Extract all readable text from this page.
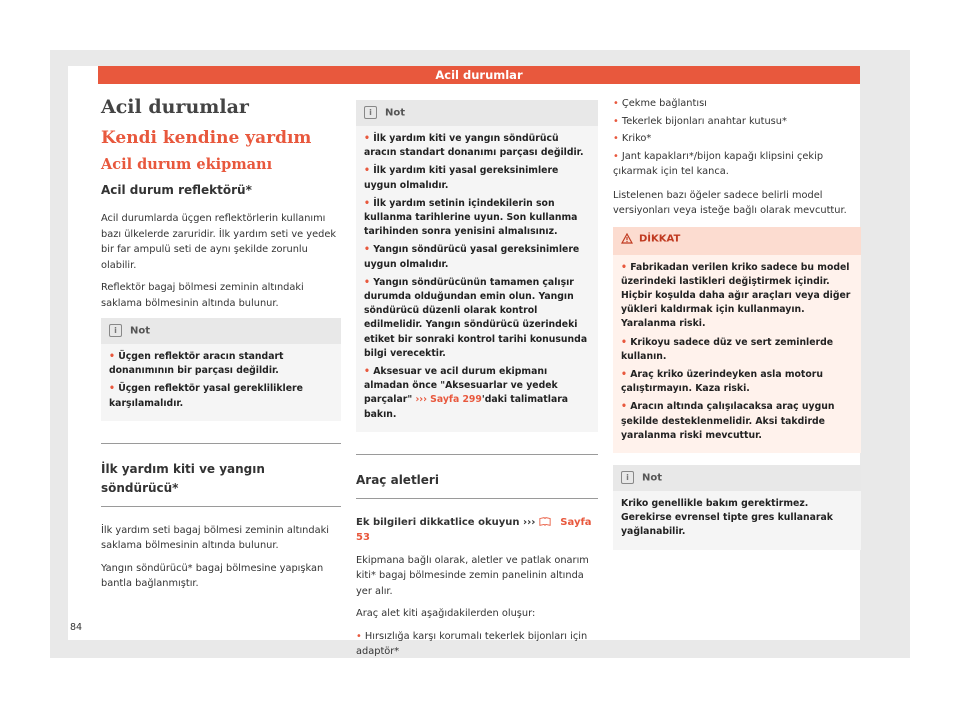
Acil durumlar
Acil durumlar
Kendi kendine yardım
Acil durum ekipmanı
Acil durum reflektörü*

Acil durumlarda üçgen reflektörlerin kullanımı bazı ülkelerde zaruridir. İlk yardım seti ve yedek bir far ampulü seti de aynı şekilde zorunlu olabilir.

Reflektör bagaj bölmesi zeminin altındaki saklama bölmesinin altında bulunur.

i Not
• Üçgen reflektör aracın standart donanımının bir parçası değildir.
• Üçgen reflektör yasal gerekliliklere karşılamalıdır.
İlk yardım kiti ve yangın söndürücü*

İlk yardım seti bagaj bölmesi zeminin altındaki saklama bölmesinin altında bulunur.

Yangın söndürücü* bagaj bölmesine yapışkan bantla bağlanmıştır.

i Not
• İlk yardım kiti ve yangın söndürücü aracın standart donanımı parçası değildir.
• İlk yardım kiti yasal gereksinimlere uygun olmalıdır.
• İlk yardım setinin içindekilerin son kullanma tarihlerine uyun. Son kullanma tarihinden sonra yenisini almalısınız.
• Yangın söndürücü yasal gereksinimlere uygun olmalıdır.
• Yangın söndürücünün tamamen çalışır durumda olduğundan emin olun. Yangın söndürücü düzenli olarak kontrol edilmelidir. Yangın söndürücü üzerindeki etiket bir sonraki kontrol tarihi konusunda bilgi verecektir.
• Aksesuar ve acil durum ekipmanı almadan önce "Aksesuarlar ve yedek parçalar" ››› Sayfa 299'daki talimatlara bakın.
Araç aletleri

Ek bilgileri dikkatlice okuyun ››› Sayfa 53

Ekipmana bağlı olarak, aletler ve patlak onarım kiti* bagaj bölmesinde zemin panelinin altında yer alır.

Araç alet kiti aşağıdakilerden oluşur:

• Hırsızlığa karşı korumalı tekerlek bijonları için adaptör*
• Çekme bağlantısı
• Tekerlek bijonları anahtar kutusu*
• Kriko*
• Jant kapakları*/bijon kapağı klipsini çekip çıkarmak için tel kanca.

Listelenen bazı öğeler sadece belirli model versiyonları veya isteğe bağlı olarak mevcuttur.

DİKKAT
• Fabrikadan verilen kriko sadece bu model üzerindeki lastikleri değiştirmek içindir. Hiçbir koşulda daha ağır araçları veya diğer yükleri kaldırmak için kullanmayın. Yaralanma riski.
• Krikoyu sadece düz ve sert zeminlerde kullanın.
• Araç kriko üzerindeyken asla motoru çalıştırmayın. Kaza riski.
• Aracın altında çalışılacaksa araç uygun şekilde desteklenmelidir. Aksi takdirde yaralanma riski mevcuttur.
i Not
Kriko genellikle bakım gerektirmez. Gerekirse evrensel tipte gres kullanarak yağlanabilir.
84
